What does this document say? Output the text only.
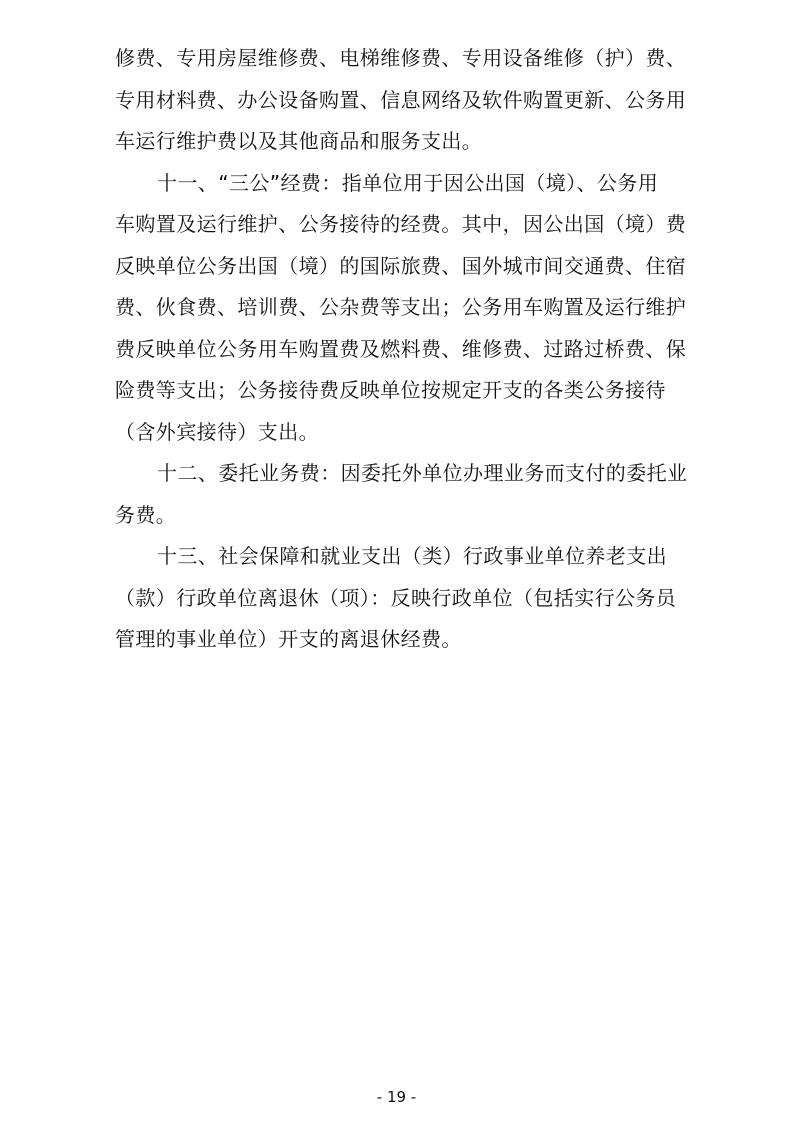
修费、专用房屋维修费、电梯维修费、专用设备维修（护）费、
专用材料费、办公设备购置、信息网络及软件购置更新、公务用
车运行维护费以及其他商品和服务支出。
十一、“三公”经费：指单位用于因公出国（境）、公务用
车购置及运行维护、公务接待的经费。其中，因公出国（境）费
反映单位公务出国（境）的国际旅费、国外城市间交通费、住宿
费、伙食费、培训费、公杂费等支出；公务用车购置及运行维护
费反映单位公务用车购置费及燃料费、维修费、过路过桥费、保
险费等支出；公务接待费反映单位按规定开支的各类公务接待
（含外宾接待）支出。
十二、委托业务费：因委托外单位办理业务而支付的委托业
务费。
十三、社会保障和就业支出（类）行政事业单位养老支出
（款）行政单位离退休（项）：反映行政单位（包括实行公务员
管理的事业单位）开支的离退休经费。
- 19 -
